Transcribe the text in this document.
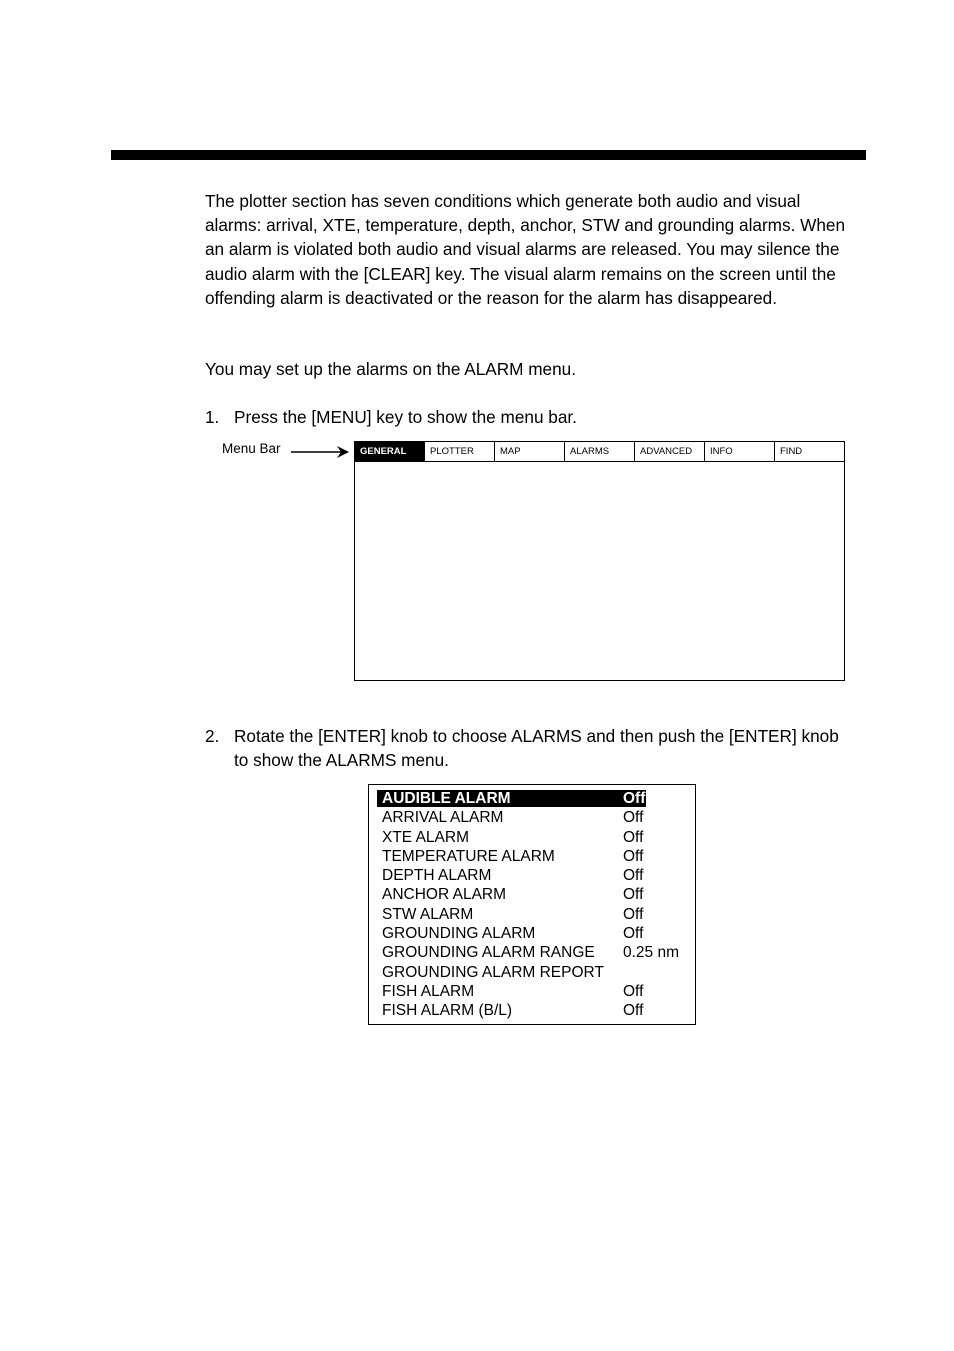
The plotter section has seven conditions which generate both audio and visual alarms: arrival, XTE, temperature, depth, anchor, STW and grounding alarms. When an alarm is violated both audio and visual alarms are released. You may silence the audio alarm with the [CLEAR] key. The visual alarm remains on the screen until the offending alarm is deactivated or the reason for the alarm has disappeared.

You may set up the alarms on the ALARM menu.

1. Press the [MENU] key to show the menu bar.
Menu Bar	GENERAL	PLOTTER	MAP	ALARMS	ADVANCED	INFO	FIND
2. Rotate the [ENTER] knob to choose ALARMS and then push the [ENTER] knob to show the ALARMS menu.
AUDIBLE ALARM	Off
ARRIVAL ALARM	Off
XTE ALARM	Off
TEMPERATURE ALARM	Off
DEPTH ALARM	Off
ANCHOR ALARM	Off
STW ALARM	Off
GROUNDING ALARM	Off
GROUNDING ALARM RANGE 0.25 nm
GROUNDING ALARM REPORT
FISH ALARM	Off
FISH ALARM (B/L)	Off
